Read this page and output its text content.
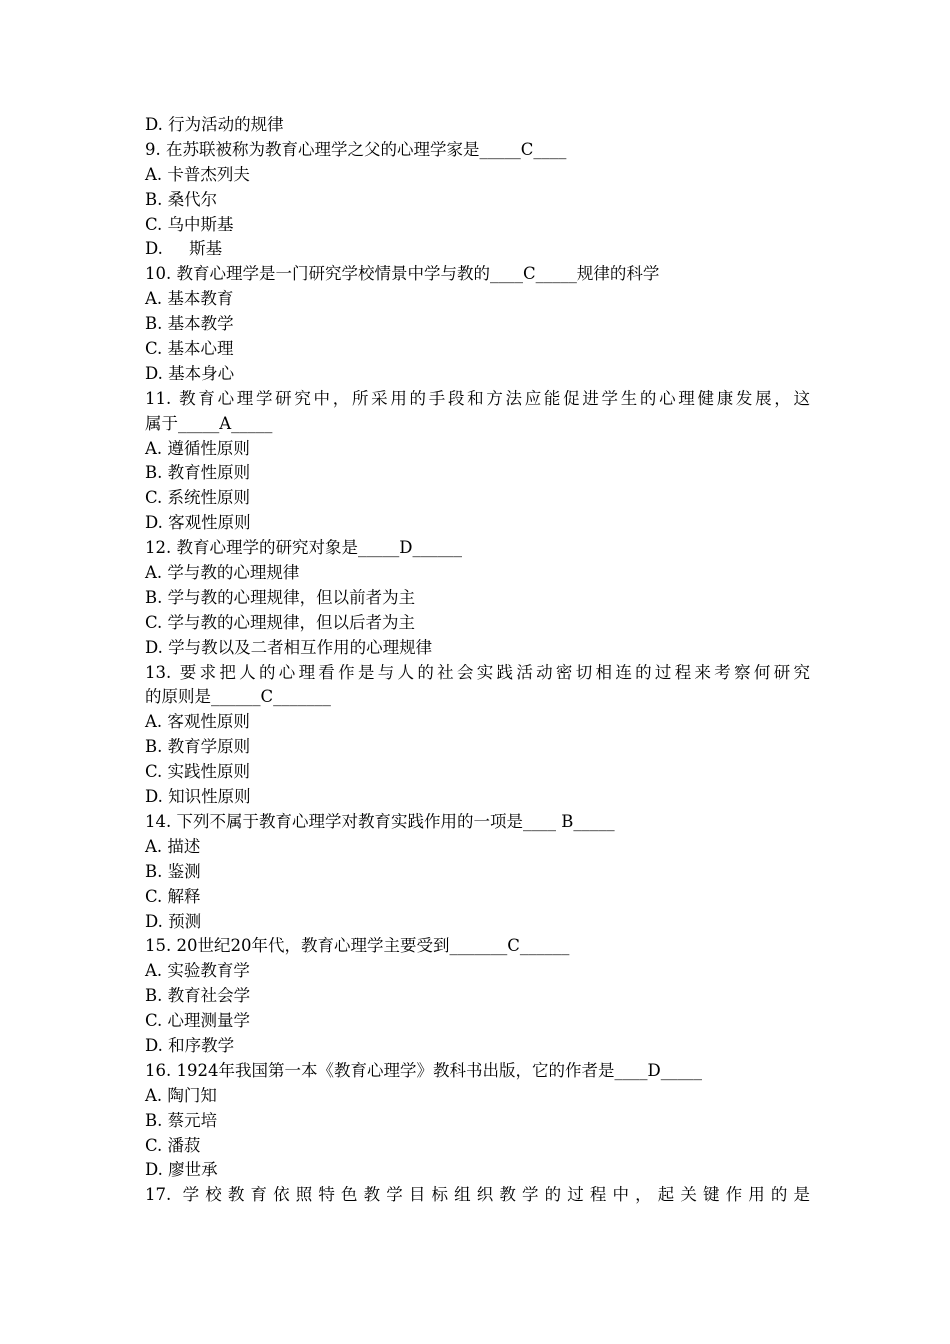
D. 行为活动的规律
9. 在苏联被称为教育心理学之父的心理学家是_____C____
A. 卡普杰列夫
B. 桑代尔
C. 乌中斯基
D.     斯基
10. 教育心理学是一门研究学校情景中学与教的____C_____规律的科学
A. 基本教育
B. 基本教学
C. 基本心理
D. 基本身心
11. 教育心理学研究中，所采用的手段和方法应能促进学生的心理健康发展，这
属于_____A_____
A. 遵循性原则
B. 教育性原则
C. 系统性原则
D. 客观性原则
12. 教育心理学的研究对象是_____D______
A. 学与教的心理规律
B. 学与教的心理规律，但以前者为主
C. 学与教的心理规律，但以后者为主
D. 学与教以及二者相互作用的心理规律
13. 要求把人的心理看作是与人的社会实践活动密切相连的过程来考察何研究
的原则是______C_______
A. 客观性原则
B. 教育学原则
C. 实践性原则
D. 知识性原则
14. 下列不属于教育心理学对教育实践作用的一项是____ B_____
A. 描述
B. 鉴测
C. 解释
D. 预测
15. 20世纪20年代，教育心理学主要受到_______C______
A. 实验教育学
B. 教育社会学
C. 心理测量学
D. 和序教学
16. 1924年我国第一本《教育心理学》教科书出版，它的作者是____D_____
A. 陶门知
B. 蔡元培
C. 潘菽
D. 廖世承
17. 学校教育依照特色教学目标组织教学的过程中，起关键作用的是
